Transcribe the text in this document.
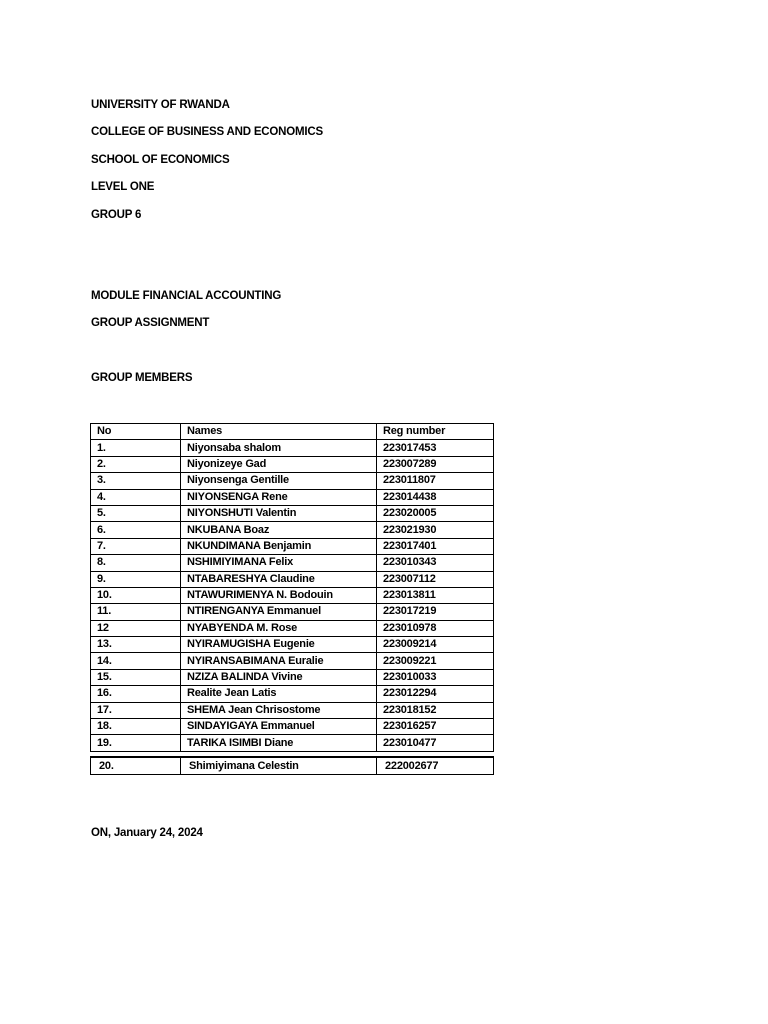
UNIVERSITY OF RWANDA
COLLEGE OF BUSINESS AND ECONOMICS
SCHOOL OF ECONOMICS
LEVEL ONE
GROUP 6
MODULE FINANCIAL ACCOUNTING
GROUP ASSIGNMENT
GROUP MEMBERS
No	Names	Reg number
1.	Niyonsaba shalom	223017453
2.	Niyonizeye Gad	223007289
3.	Niyonsenga Gentille	223011807
4.	NIYONSENGA Rene	223014438
5.	NIYONSHUTI Valentin	223020005
6.	NKUBANA Boaz	223021930
7.	NKUNDIMANA Benjamin	223017401
8.	NSHIMIYIMANA Felix	223010343
9.	NTABARESHYA Claudine	223007112
10.	NTAWURIMENYA N. Bodouin	223013811
11.	NTIRENGANYA Emmanuel	223017219
12	NYABYENDA M. Rose	223010978
13.	NYIRAMUGISHA Eugenie	223009214
14.	NYIRANSABIMANA Euralie	223009221
15.	NZIZA BALINDA Vivine	223010033
16.	Realite Jean Latis	223012294
17.	SHEMA Jean Chrisostome	223018152
18.	SINDAYIGAYA Emmanuel	223016257
19.	TARIKA ISIMBI Diane	223010477
20.	Shimiyimana Celestin	222002677
ON, January 24, 2024
